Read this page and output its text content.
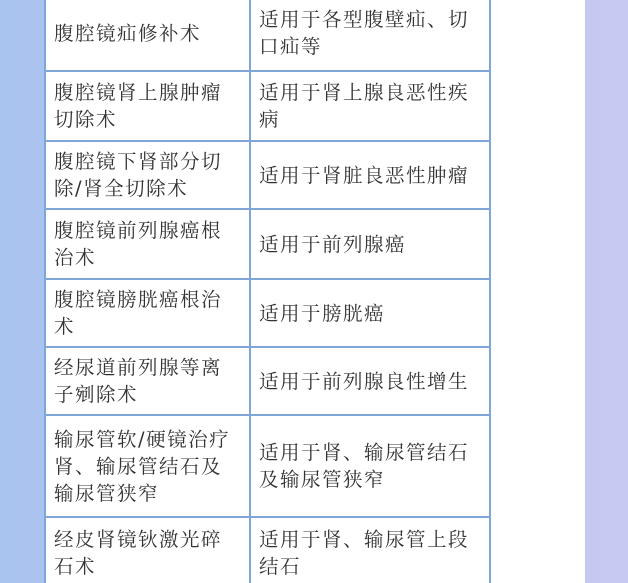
腹腔镜疝修补术	适用于各型腹壁疝、切口疝等
腹腔镜肾上腺肿瘤切除术	适用于肾上腺良恶性疾病
腹腔镜下肾部分切除/肾全切除术	适用于肾脏良恶性肿瘤
腹腔镜前列腺癌根治术	适用于前列腺癌
腹腔镜膀胱癌根治术	适用于膀胱癌
经尿道前列腺等离子剜除术	适用于前列腺良性增生
输尿管软/硬镜治疗肾、输尿管结石及输尿管狭窄	适用于肾、输尿管结石及输尿管狭窄
经皮肾镜钬激光碎石术	适用于肾、输尿管上段结石
